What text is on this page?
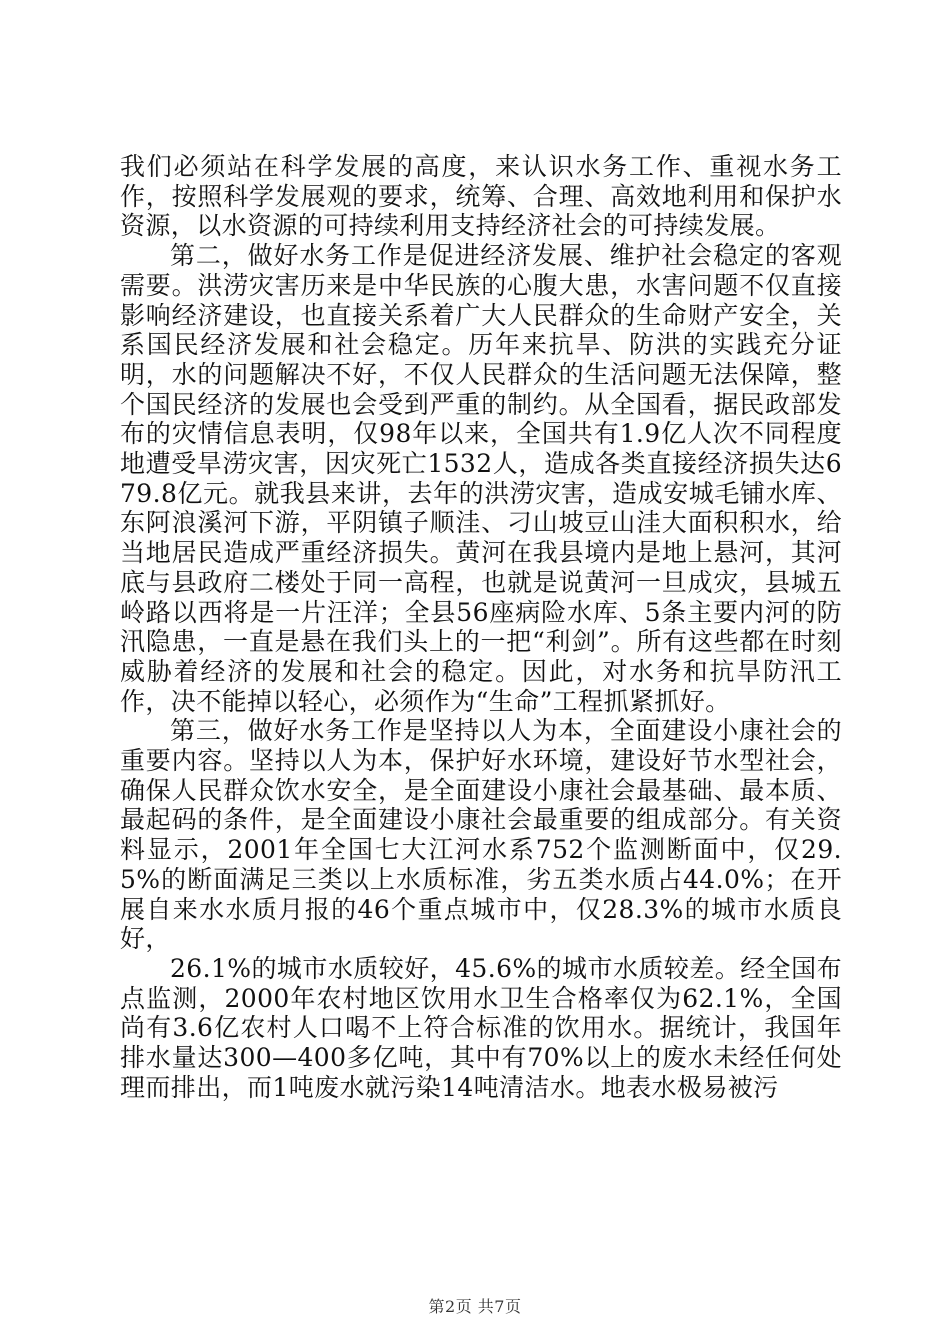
我们必须站在科学发展的高度，来认识水务工作、重视水务工作，按照科学发展观的要求，统筹、合理、高效地利用和保护水资源，以水资源的可持续利用支持经济社会的可持续发展。

第二，做好水务工作是促进经济发展、维护社会稳定的客观需要。洪涝灾害历来是中华民族的心腹大患，水害问题不仅直接影响经济建设，也直接关系着广大人民群众的生命财产安全，关系国民经济发展和社会稳定。历年来抗旱、防洪的实践充分证明，水的问题解决不好，不仅人民群众的生活问题无法保障，整个国民经济的发展也会受到严重的制约。从全国看，据民政部发布的灾情信息表明，仅98年以来，全国共有1.9亿人次不同程度地遭受旱涝灾害，因灾死亡1532人，造成各类直接经济损失达679.8亿元。就我县来讲，去年的洪涝灾害，造成安城毛铺水库、东阿浪溪河下游，平阴镇子顺洼、刁山坡豆山洼大面积积水，给当地居民造成严重经济损失。黄河在我县境内是地上悬河，其河底与县政府二楼处于同一高程，也就是说黄河一旦成灾，县城五岭路以西将是一片汪洋；全县56座病险水库、5条主要内河的防汛隐患，一直是悬在我们头上的一把“利剑”。所有这些都在时刻威胁着经济的发展和社会的稳定。因此，对水务和抗旱防汛工作，决不能掉以轻心，必须作为“生命”工程抓紧抓好。

第三，做好水务工作是坚持以人为本，全面建设小康社会的重要内容。坚持以人为本，保护好水环境，建设好节水型社会，确保人民群众饮水安全，是全面建设小康社会最基础、最本质、最起码的条件，是全面建设小康社会最重要的组成部分。有关资料显示，2001年全国七大江河水系752个监测断面中，仅29.5%的断面满足三类以上水质标准，劣五类水质占44.0%；在开展自来水水质月报的46个重点城市中，仅28.3%的城市水质良好，

26.1%的城市水质较好，45.6%的城市水质较差。经全国布点监测，2000年农村地区饮用水卫生合格率仅为62.1%，全国尚有3.6亿农村人口喝不上符合标准的饮用水。据统计，我国年排水量达300—400多亿吨，其中有70%以上的废水未经任何处理而排出，而1吨废水就污染14吨清洁水。地表水极易被污

第2页 共7页
